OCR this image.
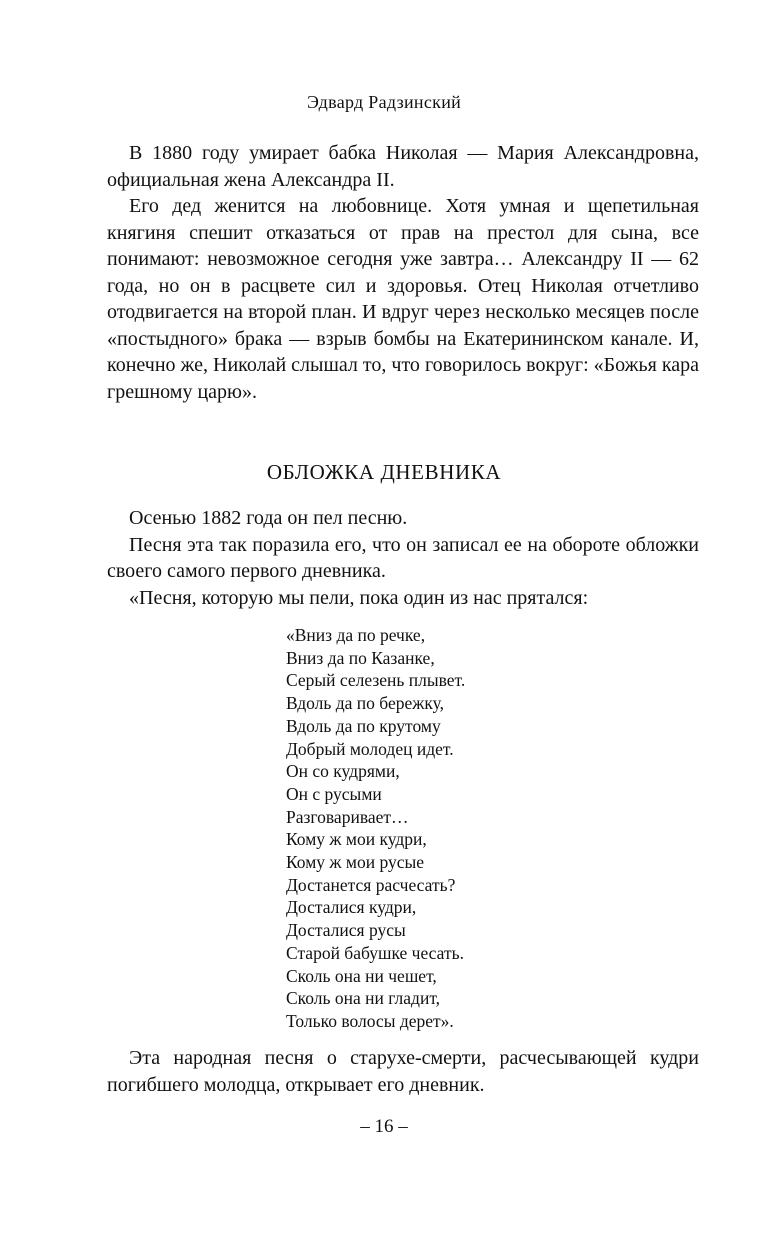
Эдвард Радзинский

В 1880 году умирает бабка Николая — Мария Александровна, официальная жена Александра II.

Его дед женится на любовнице. Хотя умная и щепетильная княгиня спешит отказаться от прав на престол для сына, все понимают: невозможное сегодня уже завтра… Александру II — 62 года, но он в расцвете сил и здоровья. Отец Николая отчетливо отодвигается на второй план. И вдруг через несколько месяцев после «постыдного» брака — взрыв бомбы на Екатерининском канале. И, конечно же, Николай слышал то, что говорилось вокруг: «Божья кара грешному царю».

ОБЛОЖКА ДНЕВНИКА

Осенью 1882 года он пел песню.

Песня эта так поразила его, что он записал ее на обороте обложки своего самого первого дневника.

«Песня, которую мы пели, пока один из нас прятался:

«Вниз да по речке,
Вниз да по Казанке,
Серый селезень плывет.
Вдоль да по бережку,
Вдоль да по крутому
Добрый молодец идет.
Он со кудрями,
Он с русыми
Разговаривает…
Кому ж мои кудри,
Кому ж мои русые
Достанется расчесать?
Досталися кудри,
Досталися русы
Старой бабушке чесать.
Сколь она ни чешет,
Сколь она ни гладит,
Только волосы дерет».

Эта народная песня о старухе-смерти, расчесывающей кудри погибшего молодца, открывает его дневник.

– 16 –
